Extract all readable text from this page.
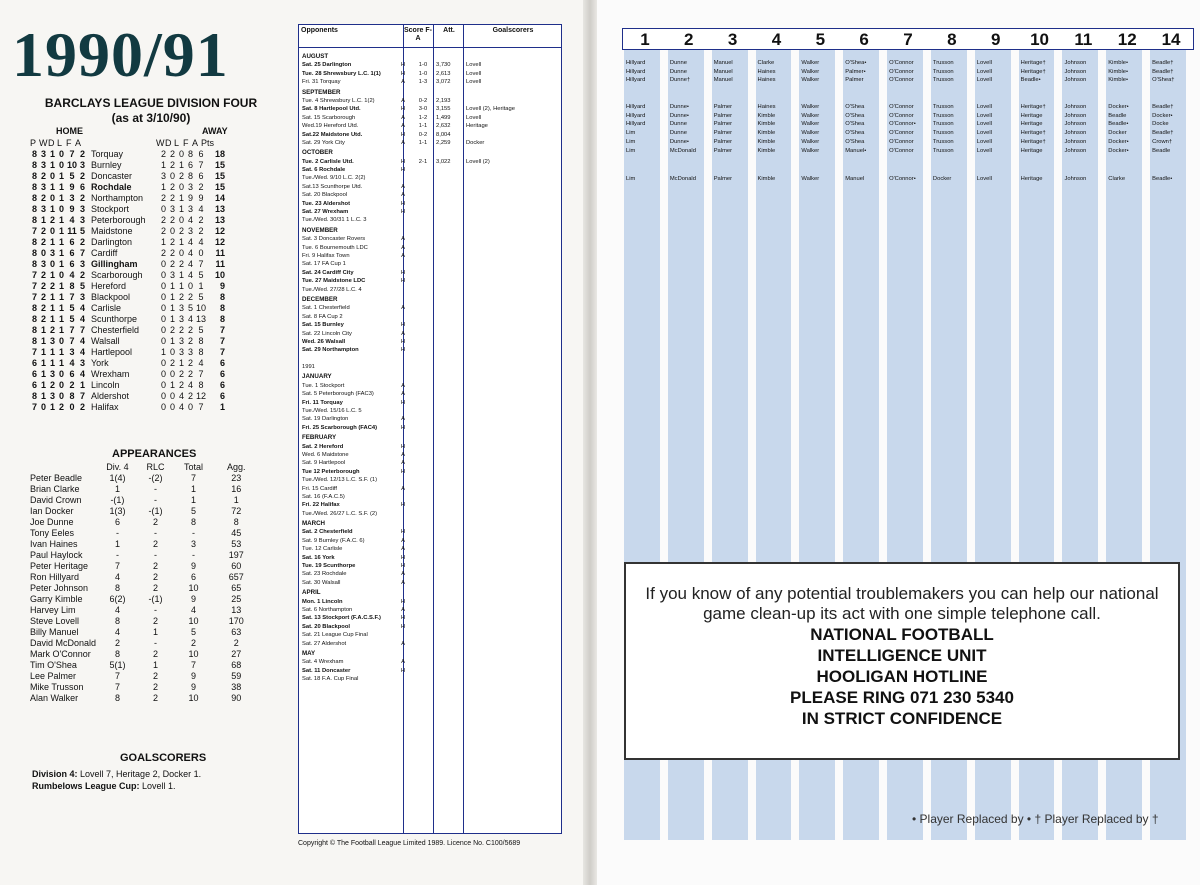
1990/91
BARCLAYS LEAGUE DIVISION FOUR
(as at 3/10/90)
HOME	AWAY
P W D L F A	W D L F A Pts
8 3 1 0 7 2 Torquay	2 2 0 8 6	18
8 3 1 0 10 3 Burnley	1 2 1 6 7	15
8 2 0 1 5 2 Doncaster	3 0 2 8 6	15
8 3 1 1 9 6 Rochdale	1 2 0 3 2	15
8 2 0 1 3 2 Northampton	2 2 1 9 9	14
8 3 1 0 9 3 Stockport	0 3 1 3 4	13
8 1 2 1 4 3 Peterborough	2 2 0 4 2	13
7 2 0 1 11 5 Maidstone	2 0 2 3 2	12
8 2 1 1 6 2 Darlington	1 2 1 4 4	12
8 0 3 1 6 7 Cardiff	2 2 0 4 0	11
8 3 0 1 6 3 Gillingham	0 2 2 4 7	11
7 2 1 0 4 2 Scarborough	0 3 1 4 5	10
7 2 2 1 8 5 Hereford	0 1 1 0 1	9
7 2 1 1 7 3 Blackpool	0 1 2 2 5	8
8 2 1 1 5 4 Carlisle	0 1 3 5 10	8
8 2 1 1 5 4 Scunthorpe	0 1 3 4 13	8
8 1 2 1 7 7 Chesterfield	0 2 2 2 5	7
8 1 3 0 7 4 Walsall	0 1 3 2 8	7
7 1 1 1 3 4 Hartlepool	1 0 3 3 8	7
6 1 1 1 4 3 York	0 2 1 2 4	6
6 1 3 0 6 4 Wrexham	0 0 2 2 7	6
6 1 2 0 2 1 Lincoln	0 1 2 4 8	6
8 1 3 0 8 7 Aldershot	0 0 4 2 12	6
7 0 1 2 0 2 Halifax	0 0 4 0 7	1
APPEARANCES
Div. 4	RLC	Total	Agg.
Peter Beadle	1(4)	-(2)	7	23
Brian Clarke	1	-	1	16
David Crown	-(1)	-	1	1
Ian Docker	1(3)	-(1)	5	72
Joe Dunne	6	2	8	8
Tony Eeles	-	-	-	45
Ivan Haines	1	2	3	53
Paul Haylock	-	-	-	197
Peter Heritage	7	2	9	60
Ron Hillyard	4	2	6	657
Peter Johnson	8	2	10	65
Garry Kimble	6(2)	-(1)	9	25
Harvey Lim	4	-	4	13
Steve Lovell	8	2	10	170
Billy Manuel	4	1	5	63
David McDonald	2	-	2	2
Mark O'Connor	8	2	10	27
Tim O'Shea	5(1)	1	7	68
Lee Palmer	7	2	9	59
Mike Trusson	7	2	9	38
Alan Walker	8	2	10	90
GOALSCORERS
Division 4: Lovell 7, Heritage 2, Docker 1.
Rumbelows League Cup: Lovell 1.
Opponents	Score F-A
Att.	Goalscorers
AUGUST
Sat. 25 Darlington	H	1-0	3,730	Lovell
Tue. 28 Shrewsbury L.C. 1(1)	H	1-0	2,613	Lovell
Fri. 31 Torquay	A	1-3	3,072	Lovell
SEPTEMBER
Tue. 4 Shrewsbury L.C. 1(2)	A	0-2	2,193
Sat. 8 Hartlepool Utd.	H	3-0	3,155	Lovell (2), Heritage
Sat. 15 Scarborough	A	1-2	1,499	Lovell
Wed.19 Hereford Utd.	A	1-1	2,632	Heritage
Sat.22 Maidstone Utd.	H	0-2	8,004
Sat. 29 York City	A	1-1	2,259	Docker
OCTOBER
Tue. 2 Carlisle Utd.	H	2-1	3,022	Lovell (2)
Sat. 6 Rochdale	H
Tue./Wed. 9/10 L.C. 2(2)
Sat.13 Scunthorpe Utd.	A
Sat. 20 Blackpool	A
Tue. 23 Aldershot	H
Sat. 27 Wrexham	H
Tue./Wed. 30/31 1 L.C. 3
NOVEMBER
Sat. 3 Doncaster Rovers	A
Tue. 6 Bournemouth LDC	A
Fri. 9 Halifax Town	A
Sat. 17 FA Cup 1
Sat. 24 Cardiff City	H
Tue. 27 Maidstone LDC	H
Tue./Wed. 27/28 L.C. 4
DECEMBER
Sat. 1 Chesterfield	A
Sat. 8 FA Cup 2
Sat. 15 Burnley	H
Sat. 22 Lincoln City	A
Wed. 26 Walsall	H
Sat. 29 Northampton	H
1991
JANUARY
Tue. 1 Stockport	A
Sat. 5 Peterborough (FAC3)	A
Fri. 11 Torquay	H
Tue./Wed. 15/16 L.C. 5
Sat. 19 Darlington	A
Fri. 25 Scarborough (FAC4)	H
FEBRUARY
Sat. 2 Hereford	H
Wed. 6 Maidstone	A
Sat. 9 Hartlepool	A
Tue 12 Peterborough	H
Tue./Wed. 12/13 L.C. S.F. (1)
Fri. 15 Cardiff	A
Sat. 16 (F.A.C.5)
Fri. 22 Halifax	H
Tue./Wed. 26/27 L.C. S.F. (2)
MARCH
Sat. 2 Chesterfield	H
Sat. 9 Burnley (F.A.C. 6)	A
Tue. 12 Carlisle	A
Sat. 16 York	H
Tue. 19 Scunthorpe	H
Sat. 23 Rochdale	A
Sat. 30 Walsall	A
APRIL
Mon. 1 Lincoln	H
Sat. 6 Northampton	A
Sat. 13 Stockport (F.A.C.S.F.)	H
Sat. 20 Blackpool	H
Sat. 21 League Cup Final
Sat. 27 Aldershot	A
MAY
Sat. 4 Wrexham	A
Sat. 11 Doncaster	H
Sat. 18 F.A. Cup Final
Copyright © The Football League Limited 1989. Licence No. C100/5689
1	2	3	4	5	6	7	8	9	10	11	12	14
Hillyard	Dunne	Manuel	Clarke	Walker	O'Shea•	O'Connor	Trusson	Lovell	Heritage†	Johnson	Kimble•	Beadle†
Hillyard	Dunne	Manuel	Haines	Walker	Palmer•	O'Connor	Trusson	Lovell	Heritage†	Johnson	Kimble•	Beadle†
Hillyard	Dunne†	Manuel	Haines	Walker	Palmer	O'Connor	Trusson	Lovell	Beadle•	Johnson	Kimble•	O'Shea†
Hillyard	Dunne•	Palmer	Haines	Walker	O'Shea	O'Connor	Trusson	Lovell	Heritage†	Johnson	Docker•	Beadle†
Hillyard	Dunne•	Palmer	Kimble	Walker	O'Shea	O'Connor	Trusson	Lovell	Heritage	Johnson	Beadle	Docker•
Hillyard	Dunne	Palmer	Kimble	Walker	O'Shea	O'Connor•	Trusson	Lovell	Heritage	Johnson	Beadle•	Docke
Lim	Dunne	Palmer	Kimble	Walker	O'Shea	O'Connor	Trusson	Lovell	Heritage†	Johnson	Docker	Beadle†
Lim	Dunne•	Palmer	Kimble	Walker	O'Shea	O'Connor	Trusson	Lovell	Heritage†	Johnson	Docker•	Crown†
Lim	McDonald	Palmer	Kimble	Walker	Manuel•	O'Connor	Trusson	Lovell	Heritage	Johnson	Docker•	Beadle
Lim	McDonald	Palmer	Kimble	Walker	Manuel	O'Connor•	Docker	Lovell	Heritage	Johnson	Clarke	Beadle•
If you know of any potential troublemakers you can help our national game clean-up its act with one simple telephone call.
NATIONAL FOOTBALL
INTELLIGENCE UNIT
HOOLIGAN HOTLINE
PLEASE RING 071 230 5340
IN STRICT CONFIDENCE
• Player Replaced by • † Player Replaced by †
